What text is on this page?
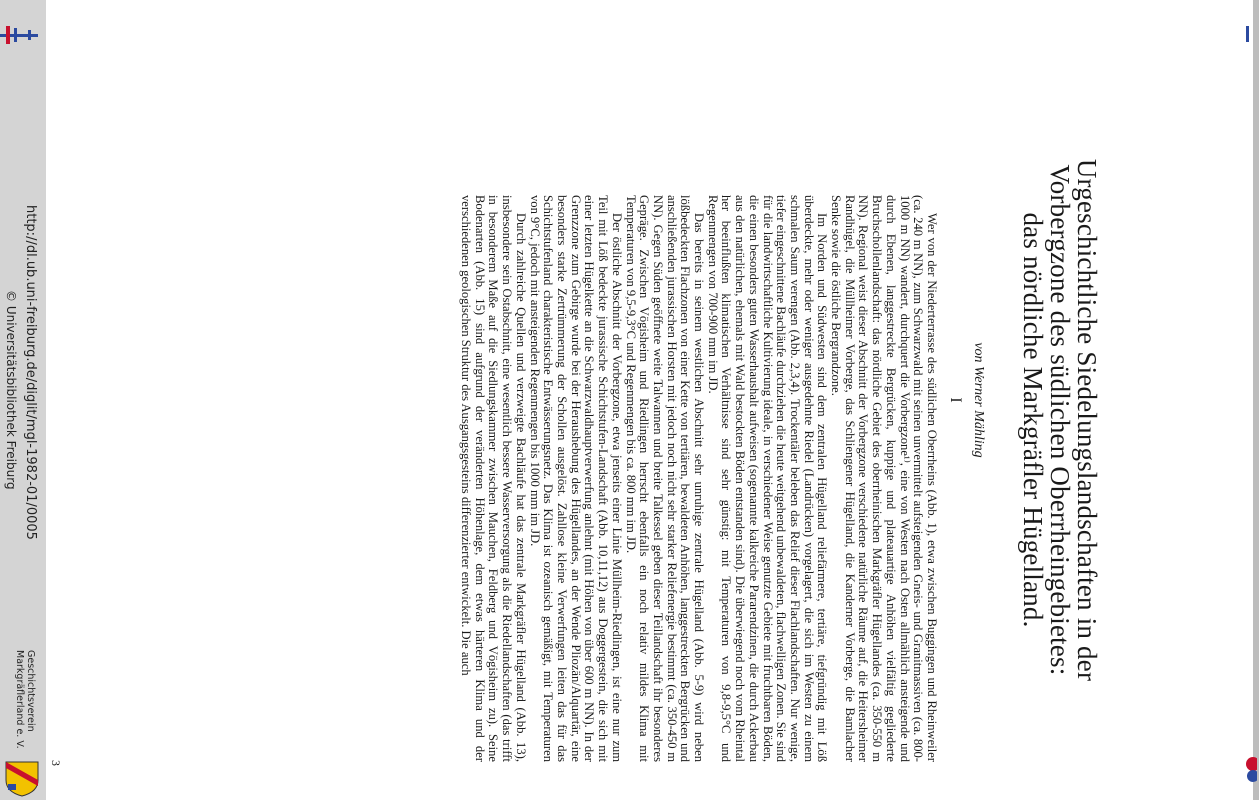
http://dl.ub.uni-freiburg.de/diglit/mgl-1982-01/0005
© Universitätsbibliothek Freiburg
Geschichtsverein
Markgräflerland e. V.
Urgeschichtliche Siedelungslandschaften in der
Vorbergzone des südlichen Oberrheingebietes:
das nördliche Markgräfler Hügelland.
von Werner Mähling
I

Wer von der Niederterrasse des südlichen Oberrheins (Abb. 1), etwa zwischen Buggingen und Rheinweiler (ca. 240 m NN), zum Schwarzwald mit seinen unvermittelt aufsteigenden Gneis- und Granitmassiven (ca. 800-1000 m NN) wandert, durchquert die Vorbergzone¹⁾, eine von Westen nach Osten allmählich ansteigende und durch Ebenen, langgestreckte Bergrücken, kuppige und plateauartige Anhöhen vielfältig gegliederte Bruchschollenlandschaft: das nördliche Gebiet des oberrheinischen Markgräfler Hügellandes (ca. 350-550 m NN). Regional weist dieser Abschnitt der Vorbergzone verschiedene natürliche Räume auf, die Heitersheimer Randhügel, die Müllheimer Vorberge, das Schliengener Hügelland, die Kanderner Vorberge, die Bamlacher Senke sowie die östliche Bergrandzone.

Im Norden und Südwesten sind dem zentralen Hügelland reliefärmere, tertiäre, tiefgründig mit Löß überdeckte, mehr oder weniger ausgedehnte Riedel (Landrücken) vorgelagert, die sich im Westen zu einem schmalen Saum verengen (Abb. 2,3,4). Trockentäler beleben das Relief dieser Flachlandschaften. Nur wenige, tiefer eingeschnittene Bachläufe durchziehen die heute weitgehend unbewaldeten, flachwelligen Zonen. Sie sind für die landwirtschaftliche Kultivierung ideale, in verschiedener Weise genutzte Gebiete mit fruchtbaren Böden, die einen besonders guten Wasserhaushalt aufweisen (sogenannte kalkreiche Pararendzinen, die durch Ackerbau aus den natürlichen, ehemals mit Wald bestockten Böden entstanden sind). Die überwiegend noch vom Rheintal her beeinflußten klimatischen Verhältnisse sind sehr günstig: mit Temperaturen von 9,8-9,5°C und Regenmengen von 700-900 mm im JD.

Das bereits in seinem westlichen Abschnitt sehr unruhige zentrale Hügelland (Abb. 5-9) wird neben lößbedeckten Flachzonen von einer Kette von tertiären, bewaldeten Anhöhen, langgestreckten Bergrücken und anschließenden jurassischen Horsten mit jedoch noch nicht sehr starker Reliefenergie bestimmt (ca. 350-450 m NN). Gegen Süden geöffnete weite Talwannen und breite Talkessel geben dieser Teillandschaft ihr besonderes Gepräge. Zwischen Vögisheim und Riedlingen herrscht ebenfalls ein noch relativ mildes Klima mit Temperaturen von 9,5-9,3°C und Regenmengen bis ca. 800 mm im JD.

Der östliche Abschnitt der Vorbergzone, etwa jenseits einer Linie Müllheim-Riedlingen, ist eine nur zum Teil mit Löß bedeckte jurassische Schichtstufen-Landschaft (Abb. 10,11,12) aus Doggergestein, die sich mit einer letzten Hügelkette an die Schwarzwaldhauptverwerfung anlehnt (mit Höhen von über 600 m NN). In der Grenzzone zum Gebirge wurde bei der Heraushebung des Hügellandes, an der Wende Pliozän/Alquartär, eine besonders starke Zertrümmerung der Schollen ausgelöst. Zahllose kleine Verwerfungen leiten das für das Schichtstufenland charakteristische Entwässerungsnetz. Das Klima ist ozeanisch gemäßigt, mit Temperaturen von 9°C, jedoch mit ansteigenden Regenmengen bis 1000 mm im JD.

Durch zahlreiche Quellen und verzweigte Bachläufe hat das zentrale Markgräfler Hügelland (Abb. 13), insbesondere sein Ostabschnitt, eine wesentlich bessere Wasserversorgung als die Riedellandschaften (das trifft in besonderem Maße auf die Siedlungskammer zwischen Mauchen, Feldberg und Vögisheim zu). Seine Bodenarten (Abb. 15) sind aufgrund der veränderten Höhenlage, dem etwas härteren Klima und der verschiedenen geologischen Struktur des Ausgangsgesteins differenzierter entwickelt. Die auch

3
